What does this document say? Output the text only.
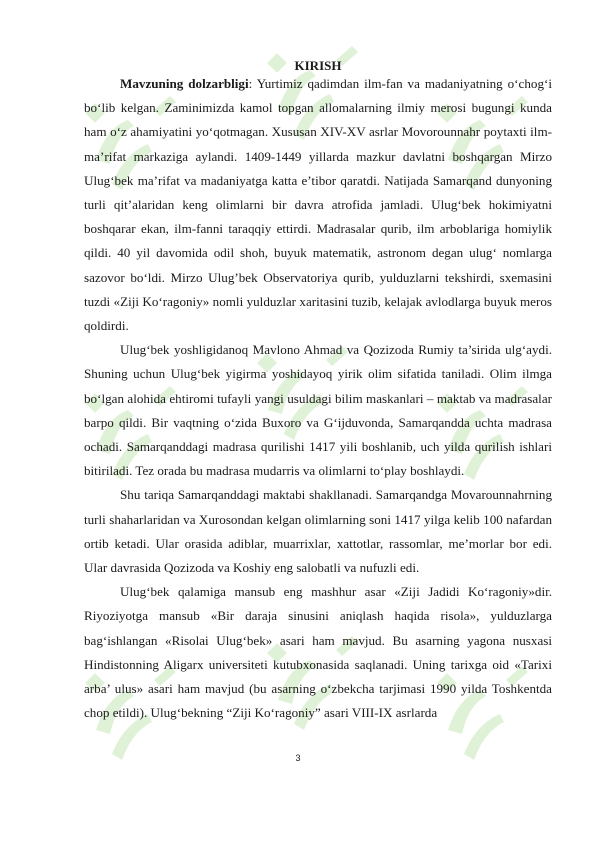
KIRISH

Mavzuning dolzarbligi: Yurtimiz qadimdan ilm-fan va madaniyatning o‘chog‘i bo‘lib kelgan. Zaminimizda kamol topgan allomalarning ilmiy merosi bugungi kunda ham o‘z ahamiyatini yo‘qotmagan. Xususan XIV-XV asrlar Movorounnahr poytaxti ilm-ma’rifat markaziga aylandi. 1409-1449 yillarda mazkur davlatni boshqargan Mirzo Ulug‘bek ma’rifat va madaniyatga katta e’tibor qaratdi. Natijada Samarqand dunyoning turli qit’alaridan keng olimlarni bir davra atrofida jamladi. Ulug‘bek hokimiyatni boshqarar ekan, ilm-fanni taraqqiy ettirdi. Madrasalar qurib, ilm arboblariga homiylik qildi. 40 yil davomida odil shoh, buyuk matematik, astronom degan ulug‘ nomlarga sazovor bo‘ldi. Mirzo Ulug’bek Observatoriya qurib, yulduzlarni tekshirdi, sxemasini tuzdi «Ziji Ko‘ragoniy» nomli yulduzlar xaritasini tuzib, kelajak avlodlarga buyuk meros qoldirdi.

Ulug‘bek yoshligidanoq Mavlono Ahmad va Qozizoda Rumiy ta’sirida ulg‘aydi. Shuning uchun Ulug‘bek yigirma yoshidayoq yirik olim sifatida taniladi. Olim ilmga bo‘lgan alohida ehtiromi tufayli yangi usuldagi bilim maskanlari – maktab va madrasalar barpo qildi. Bir vaqtning o‘zida Buxoro va G‘ijduvonda, Samarqandda uchta madrasa ochadi. Samarqanddagi madrasa qurilishi 1417 yili boshlanib, uch yilda qurilish ishlari bitiriladi. Tez orada bu madrasa mudarris va olimlarni to‘play boshlaydi.

Shu tariqa Samarqanddagi maktabi shakllanadi. Samarqandga Movarounnahrning turli shaharlaridan va Xurosondan kelgan olimlarning soni 1417 yilga kelib 100 nafardan ortib ketadi. Ular orasida adiblar, muarrixlar, xattotlar, rassomlar, me’morlar bor edi. Ular davrasida Qozizoda va Koshiy eng salobatli va nufuzli edi.

Ulug‘bek qalamiga mansub eng mashhur asar «Ziji Jadidi Ko‘ragoniy»dir. Riyoziyotga mansub «Bir daraja sinusini aniqlash haqida risola», yulduzlarga bag‘ishlangan «Risolai Ulug‘bek» asari ham mavjud. Bu asarning yagona nusxasi Hindistonning Aligarx universiteti kutubxonasida saqlanadi. Uning tarixga oid «Tarixi arba’ ulus» asari ham mavjud (bu asarning o‘zbekcha tarjimasi 1990 yilda Toshkentda chop etildi). Ulug‘bekning “Ziji Ko‘ragoniy” asari VIII-IX asrlarda

3
